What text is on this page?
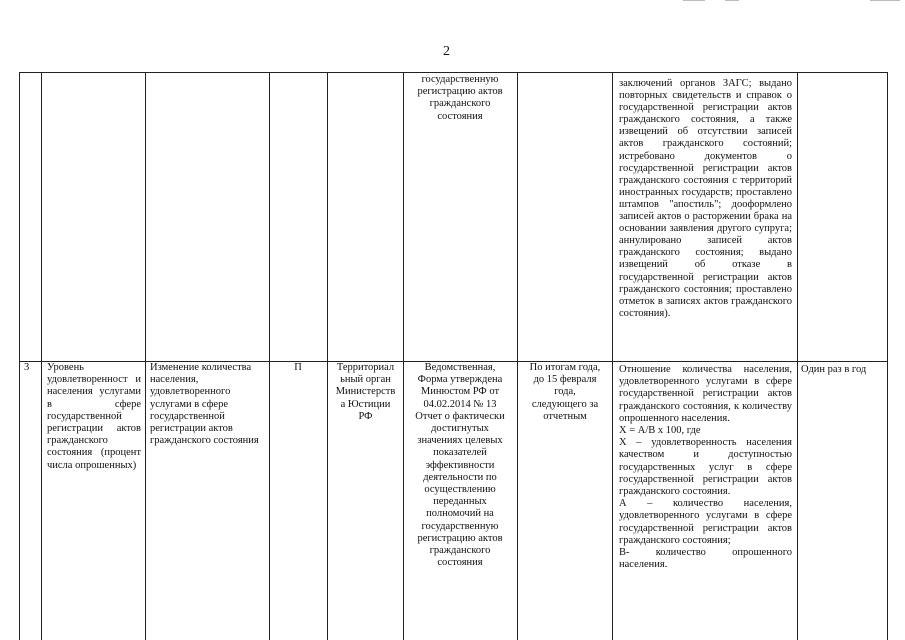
2
государственную
регистрацию актов
гражданского
состояния
заключений органов ЗАГС; выдано повторных свидетельств и справок о государственной регистрации актов гражданского состояния, а также извещений об отсутствии записей актов гражданского состояний; истребовано документов о государственной регистрации актов гражданского состояния с территорий иностранных государств; проставлено штампов "апостиль"; дооформлено записей актов о расторжении брака на основании заявления другого супруга; аннулировано записей актов гражданского состояния; выдано извещений об отказе в государственной регистрации актов гражданского состояния; проставлено отметок в записях актов гражданского состояния).
3	Уровень удовлетворенност и населения услугами в сфере государственной регистрации актов гражданского состояния (процент числа опрошенных)
Изменение количества населения, удовлетворенного услугами в сфере государственной регистрации актов гражданского состояния
П	Территориал
ьный орган
Министерств
а Юстиции
РФ
Ведомственная,
Форма утверждена
Минюстом РФ от
04.02.2014 № 13
Отчет о фактически
достигнутых
значениях целевых
показателей
эффективности
деятельности по
осуществлению
переданных
полномочий на
государственную
регистрацию актов
гражданского
состояния
По итогам года,
до 15 февраля
года,
следующего за
отчетным
Отношение количества населения, удовлетворенного услугами в сфере государственной регистрации актов гражданского состояния, к количеству опрошенного населения.
Х = А/В х 100, где
Х – удовлетворенность населения качеством и доступностью государственных услуг в сфере государственной регистрации актов гражданского состояния.
А – количество населения, удовлетворенного услугами в сфере государственной регистрации актов гражданского состояния;
В- количество опрошенного населения.
Один раз в год
